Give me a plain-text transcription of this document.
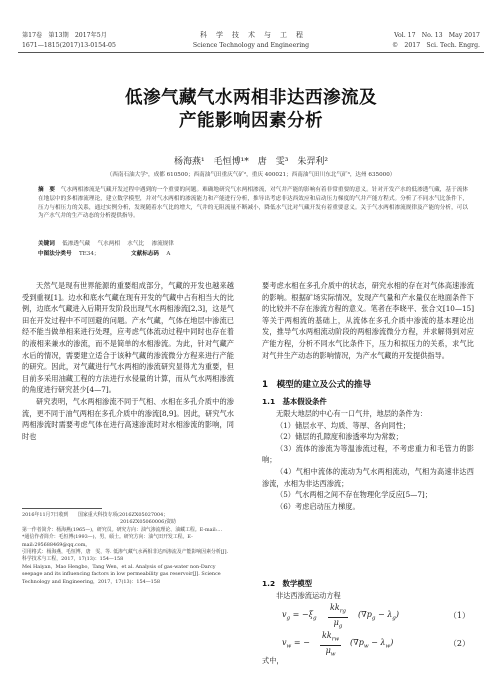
第17卷　第13期　2017年5月
1671—1815(2017)13-0154-05
科　学　技　术　与　工　程
Science Technology and Engineering
Vol. 17　No. 13　May 2017
©　2017　Sci. Tech. Engrg.
低渗气藏气水两相非达西渗流及
产能影响因素分析
杨海燕¹　毛恒博¹*　唐　雯³　朱羿利²
（西南石油大学¹，成都 610500；西南油气田重庆气矿²，重庆 400021；西南油气田川东北气矿³，达州 635000）
摘　要　 气水两相渗流是气藏开发过程中遇到的一个重要的问题。难确地研究气水两相渗流，对气井产能的影响有着非常重要的意义。针对开发产水的低渗透气藏，基于流体在地层中的多相渗流理论，建立数学模型，并对气水两相的渗流能力和产能进行分析，推导出考虑非达西效应和启动压力梯度的气井产能方程式。分析了不同水气比条件下，压力与相压力的关系，通过实例分析，发现随着水气比的增大，气井的无阻流量不断减小，降低水气比对气藏开发有着重要意义。关于气水两相渗流规律及产能的分析，可以为产水气井的生产动态的分析提供指导。
关键词　 低渗透气藏　 气水两相　 水气比　 渗流规律
中图法分类号　 TE34；	文献标志码　 A

天然气是现有世界能源的重要组成部分，气藏的开发也越来越受到重视[1]。边水和底水气藏在现有开发的气藏中占有相当大的比例，边底水气藏进入后期开发阶段出现气水两相渗流[2,3]，这是气田在开发过程中不可回避的问题。产水气藏，气体在地层中渗流已经不能当做单相来进行处理，应考虑气体流动过程中同时也存在着的液相来兼水的渗流，而不是简单的水相渗流。为此，针对气藏产水后的情况，需要建立适合于该种气藏的渗流微分方程来进行产能的研究。因此，对气藏进行气水两相的渗流研究显得尤为重要，但目前多采用油藏工程的方法进行水侵量的计算，而从气水两相渗流的角度进行研究甚少[4—7]。

研究表明，气水两相渗流不同于气相、水相在多孔介质中的渗流，更不同于油气两相在多孔介质中的渗流[8,9]。因此，研究气水两相渗流时需要考虑气体在进行高速渗流时对水相渗流的影响，同时也

2016年11月7日收到　　国家重大科技专项(2016ZX05027004；

2016ZX05060006)资助

第一作者简介：杨海燕(1965—)，研究员。研究方向：油气渗流理论、油藏工程。E-mail:…

*通信作者简介：毛恒博(1993—)，男，硕士。研究方向：油气田开发工程。E-mail:295688469@qq.com。

引用格式：杨海燕，毛恒博，唐　雯，等. 低渗气藏气水两相非达西渗流及产能影响因素分析[J]. 科学技术与工程，2017，17(13)：154—158

Mei Haiyan，Mao Hengbo，Tang Wen，et al. Analysis of gas-water non-Darcy seepage and its influencing factors in low permeability gas reservoir[J]. Science Technology and Engineering，2017，17(13)：154—158

要考虑水相在多孔介质中的状态，研究水相的存在对气体高速渗流的影响。根据矿场实际情况，发现产气量和产水量仅在地面条件下的比较并不存在渗流方程的意义。笔者在李晓平、张合文[10—15]等关于两相流的基础上，从流体在多孔介质中渗流的基本理论出发，推导气水两相流动阶段的两相渗流微分方程，并求解得到对应产能方程，分析不同水气比条件下，压力和拟压力的关系，求气比对气井生产动态的影响情况，为产水气藏的开发提供指导。

1　模型的建立及公式的推导
1.1　基本假设条件

无限大地层的中心有一口气井，地层的条件为：

（1）储层水平、均质、等厚、各向同性；

（2）储层的孔隙度和渗透率均为常数；

（3）流体的渗流为等温渗流过程，不考虑重力和毛管力的影响；

（4）气相中流体的流动为气水两相流动，气相为高速非达西渗流，水相为非达西渗流；

（5）气水两相之间不存在物理化学反应[5—7]；

（6）考虑启动压力梯度。

1.2　数学模型

非达西渗流运动方程

$v_g = -\xi_g \frac{kk_{rg}}{\mu_g} (\nabla p_g - \lambda_g)$	（1）
$v_w$ = − $\frac{kk_{rw}}{\mu_w} (\nabla p_w - \lambda_w)$	（2）
式中，
